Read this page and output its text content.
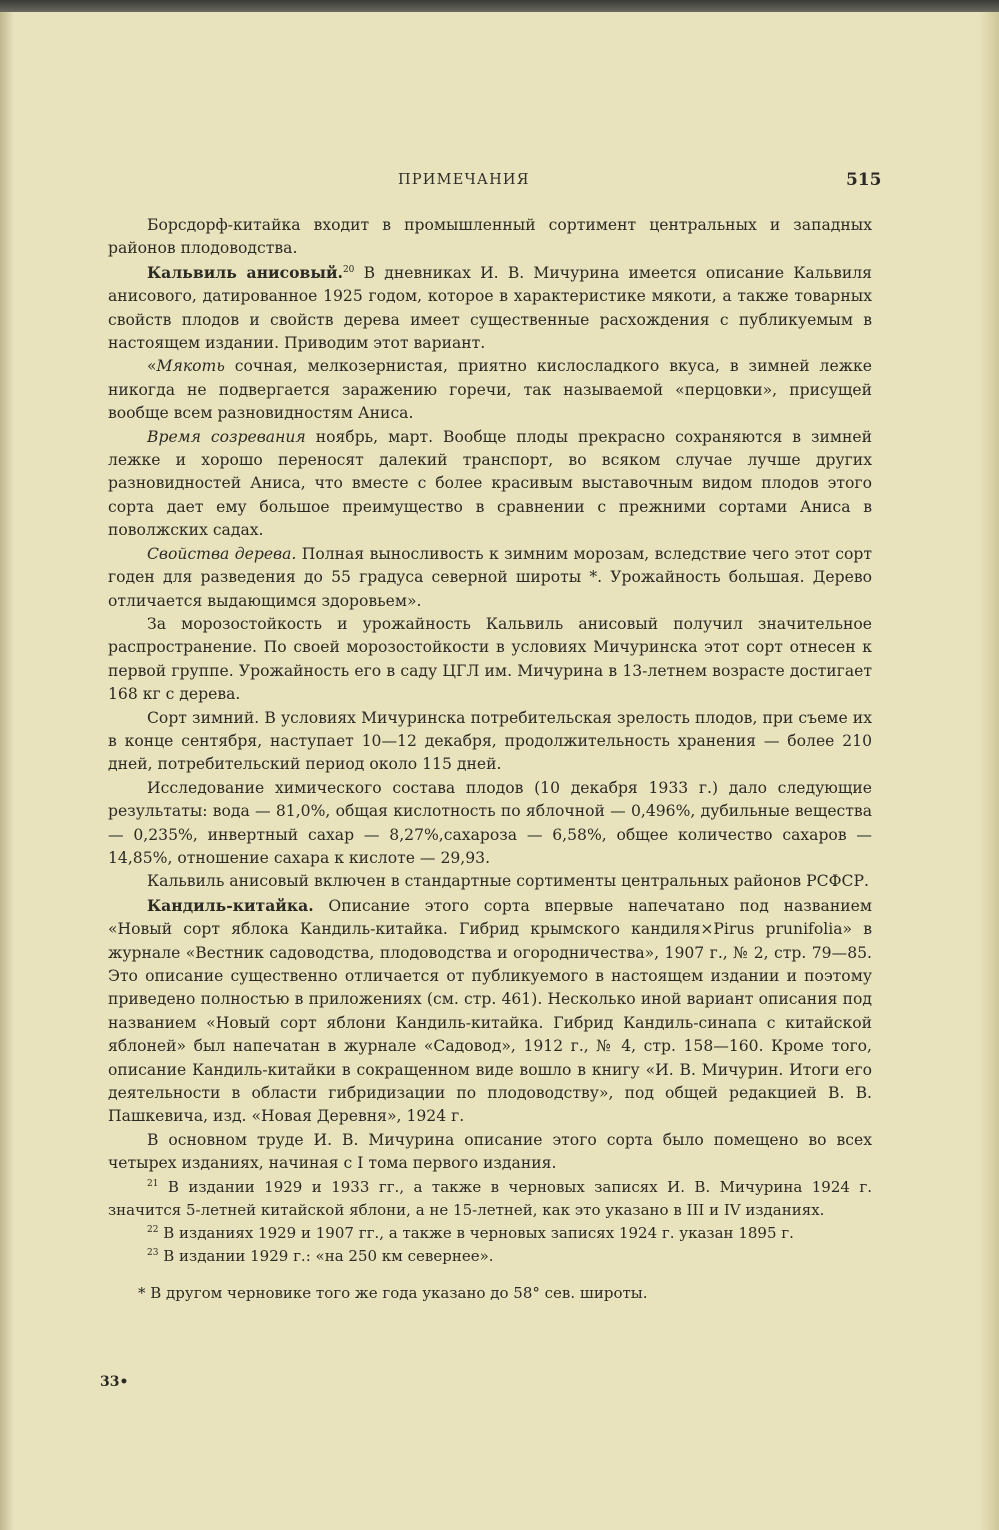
ПРИМЕЧАНИЯ	515

Борсдорф-китайка входит в промышленный сортимент центральных и западных районов плодоводства.

Кальвиль анисовый.$^{20}$ В дневниках И. В. Мичурина имеется описание Кальвиля анисового, датированное 1925 годом, которое в характеристике мякоти, а также товарных свойств плодов и свойств дерева имеет существенные расхождения с публикуемым в настоящем издании. Приводим этот вариант.

«Мякоть сочная, мелкозернистая, приятно кислосладкого вкуса, в зимней лежке никогда не подвергается заражению горечи, так называемой «перцовки», присущей вообще всем разновидностям Аниса.

Время созревания ноябрь, март. Вообще плоды прекрасно сохраняются в зимней лежке и хорошо переносят далекий транспорт, во всяком случае лучше других разновидностей Аниса, что вместе с более красивым выставочным видом плодов этого сорта дает ему большое преимущество в сравнении с прежними сортами Аниса в поволжских садах.

Свойства дерева. Полная выносливость к зимним морозам, вследствие чего этот сорт годен для разведения до 55 градуса северной широты *. Урожайность большая. Дерево отличается выдающимся здоровьем».

За морозостойкость и урожайность Кальвиль анисовый получил значительное распространение. По своей морозостойкости в условиях Мичуринска этот сорт отнесен к первой группе. Урожайность его в саду ЦГЛ им. Мичурина в 13-летнем возрасте достигает 168 кг с дерева.

Сорт зимний. В условиях Мичуринска потребительская зрелость плодов, при съеме их в конце сентября, наступает 10—12 декабря, продолжительность хранения — более 210 дней, потребительский период около 115 дней.

Исследование химического состава плодов (10 декабря 1933 г.) дало следующие результаты: вода — 81,0%, общая кислотность по яблочной — 0,496%, дубильные вещества — 0,235%, инвертный сахар — 8,27%,сахароза — 6,58%, общее количество сахаров — 14,85%, отношение сахара к кислоте — 29,93.

Кальвиль анисовый включен в стандартные сортименты центральных районов РСФСР.

Кандиль-китайка. Описание этого сорта впервые напечатано под названием «Новый сорт яблока Кандиль-китайка. Гибрид крымского кандиля×Pirus prunifolia» в журнале «Вестник садоводства, плодоводства и огородничества», 1907 г., № 2, стр. 79—85. Это описание существенно отличается от публикуемого в настоящем издании и поэтому приведено полностью в приложениях (см. стр. 461). Несколько иной вариант описания под названием «Новый сорт яблони Кандиль-китайка. Гибрид Кандиль-синапа с китайской яблоней» был напечатан в журнале «Садовод», 1912 г., № 4, стр. 158—160. Кроме того, описание Кандиль-китайки в сокращенном виде вошло в книгу «И. В. Мичурин. Итоги его деятельности в области гибридизации по плодоводству», под общей редакцией В. В. Пашкевича, изд. «Новая Деревня», 1924 г.

В основном труде И. В. Мичурина описание этого сорта было помещено во всех четырех изданиях, начиная с I тома первого издания.

$^{21}$ В издании 1929 и 1933 гг., а также в черновых записях И. В. Мичурина 1924 г. значится 5-летней китайской яблони, а не 15-летней, как это указано в III и IV изданиях.

$^{22}$ В изданиях 1929 и 1907 гг., а также в черновых записях 1924 г. указан 1895 г.

$^{23}$ В издании 1929 г.: «на 250 км севернее».

* В другом черновике того же года указано до 58° сев. широты.

33•
